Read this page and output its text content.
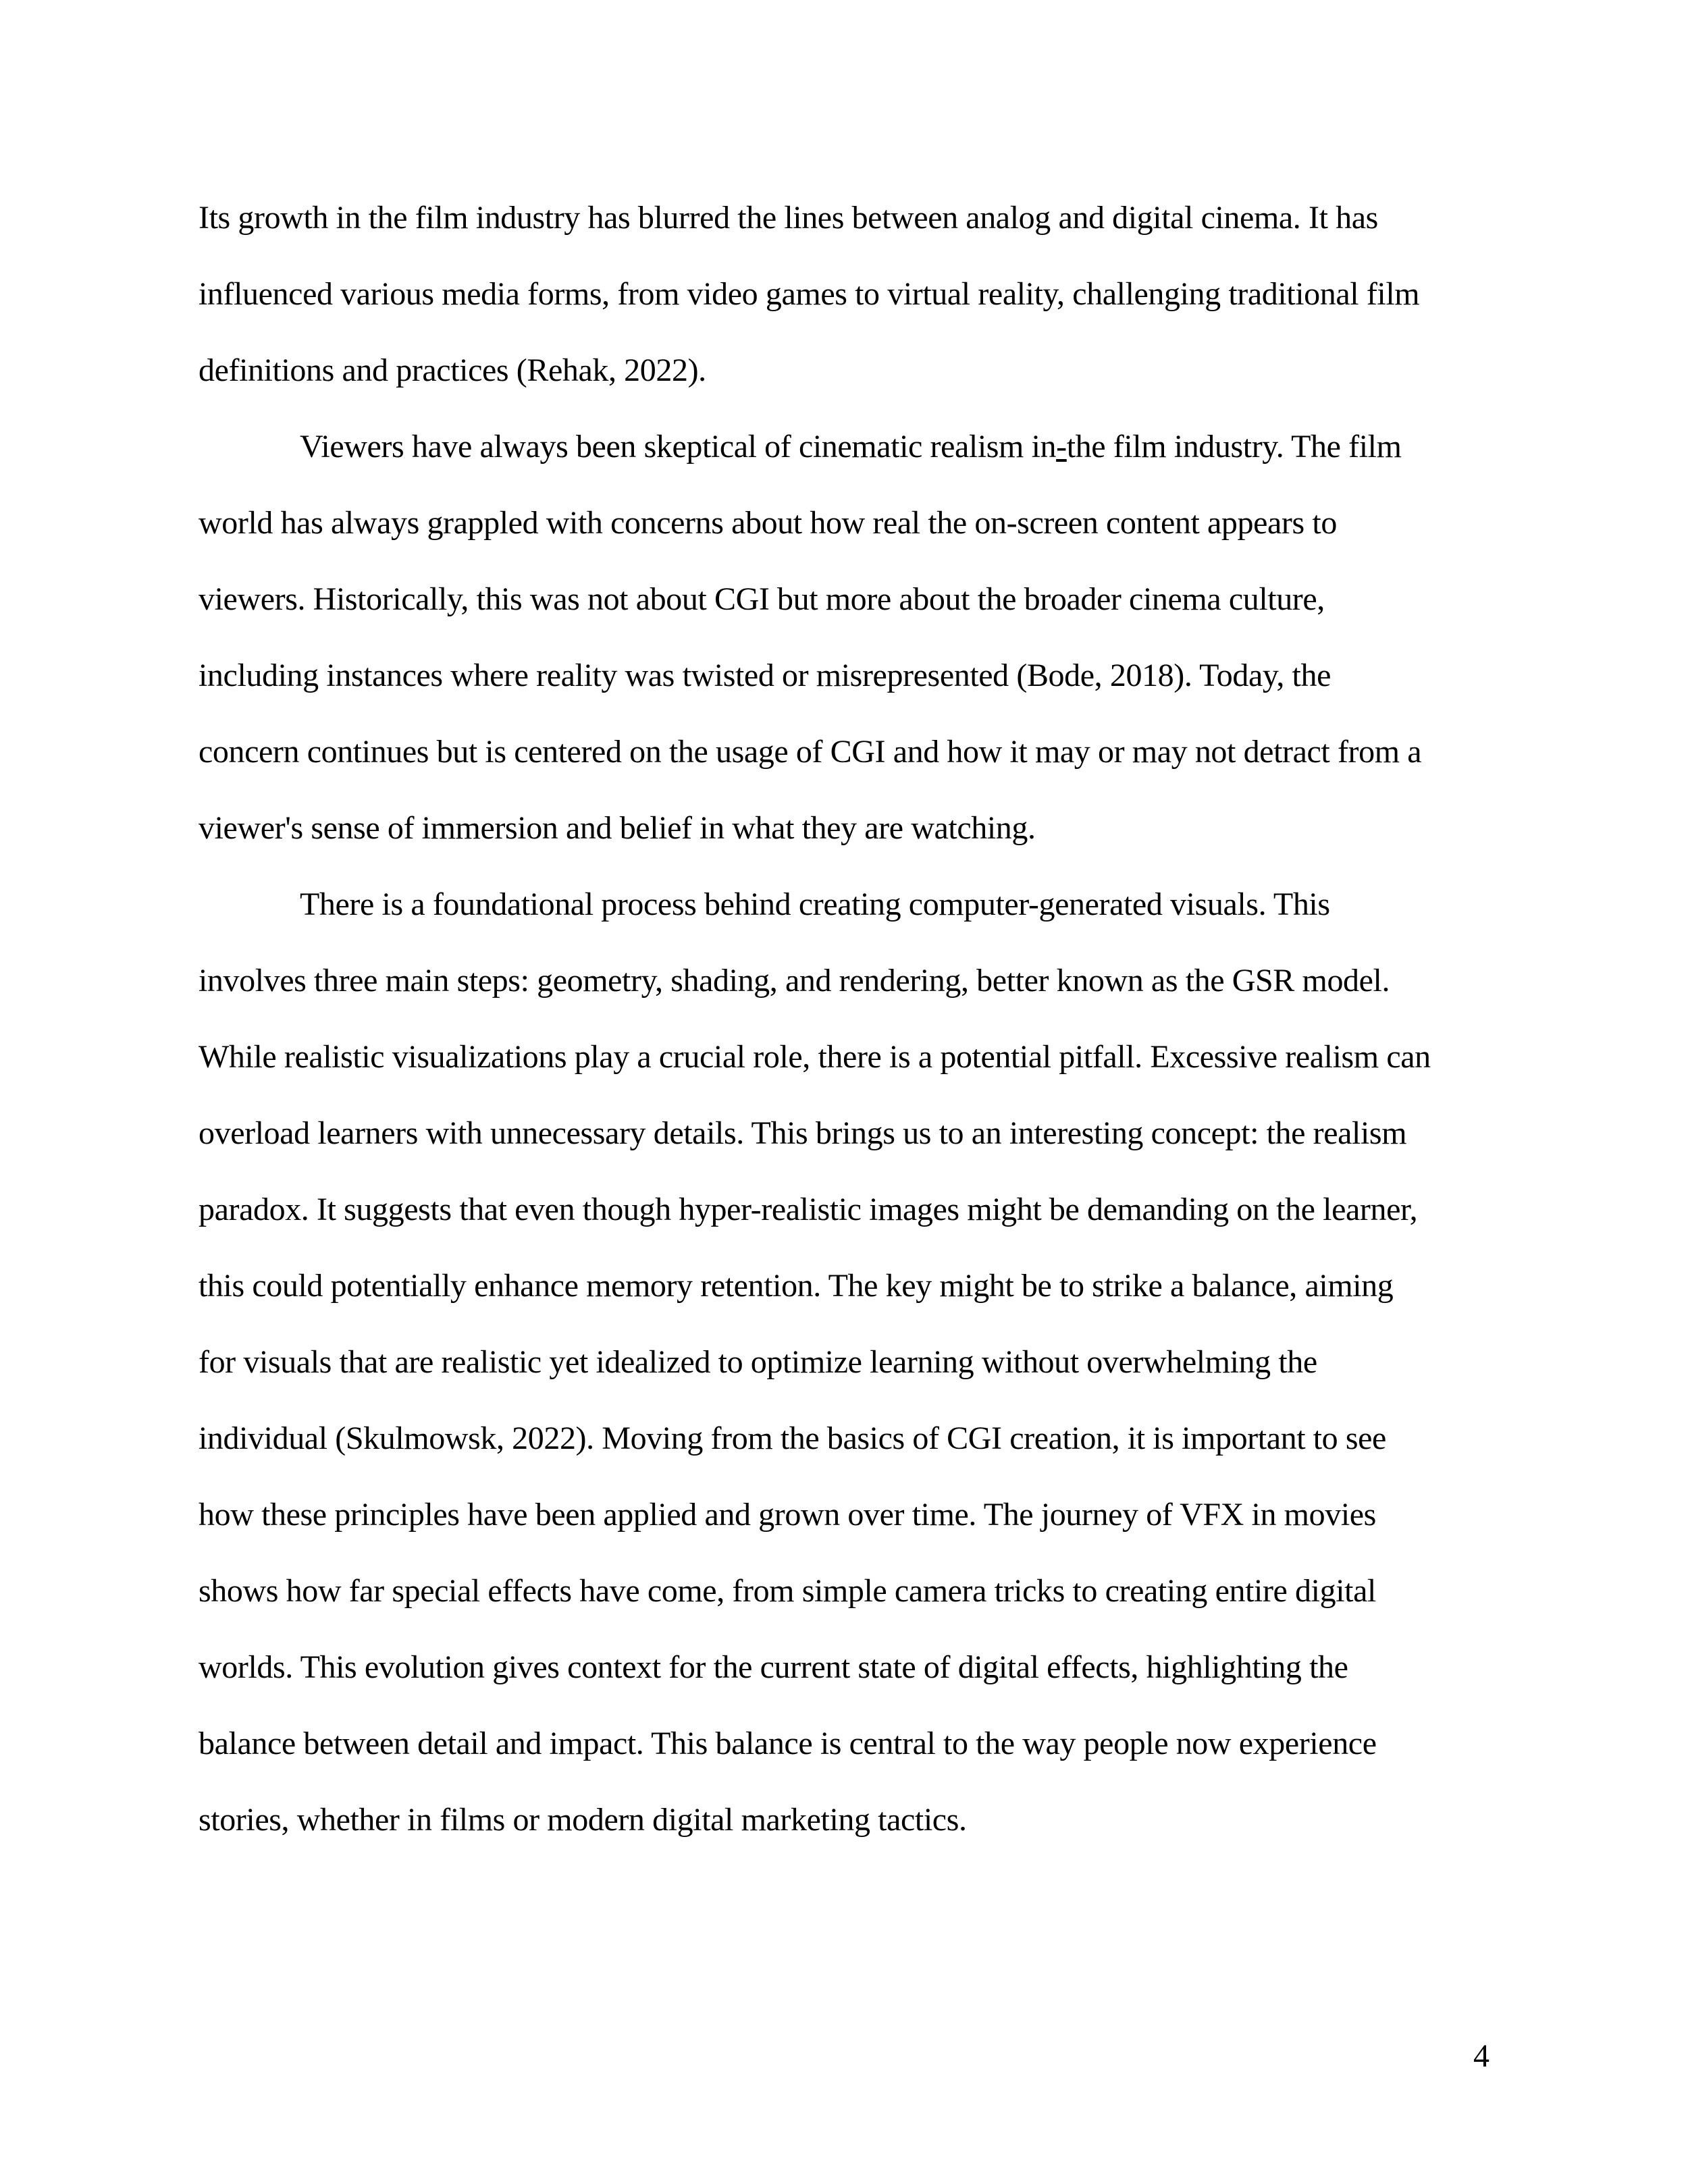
Its growth in the film industry has blurred the lines between analog and digital cinema. It has
influenced various media forms, from video games to virtual reality, challenging traditional film
definitions and practices (Rehak, 2022).
Viewers have always been skeptical of cinematic realism in-the film industry. The film
world has always grappled with concerns about how real the on-screen content appears to
viewers. Historically, this was not about CGI but more about the broader cinema culture,
including instances where reality was twisted or misrepresented (Bode, 2018). Today, the
concern continues but is centered on the usage of CGI and how it may or may not detract from a
viewer's sense of immersion and belief in what they are watching.
There is a foundational process behind creating computer-generated visuals. This
involves three main steps: geometry, shading, and rendering, better known as the GSR model.
While realistic visualizations play a crucial role, there is a potential pitfall. Excessive realism can
overload learners with unnecessary details. This brings us to an interesting concept: the realism
paradox. It suggests that even though hyper-realistic images might be demanding on the learner,
this could potentially enhance memory retention. The key might be to strike a balance, aiming
for visuals that are realistic yet idealized to optimize learning without overwhelming the
individual (Skulmowsk, 2022). Moving from the basics of CGI creation, it is important to see
how these principles have been applied and grown over time. The journey of VFX in movies
shows how far special effects have come, from simple camera tricks to creating entire digital
worlds. This evolution gives context for the current state of digital effects, highlighting the
balance between detail and impact. This balance is central to the way people now experience
stories, whether in films or modern digital marketing tactics.
4
